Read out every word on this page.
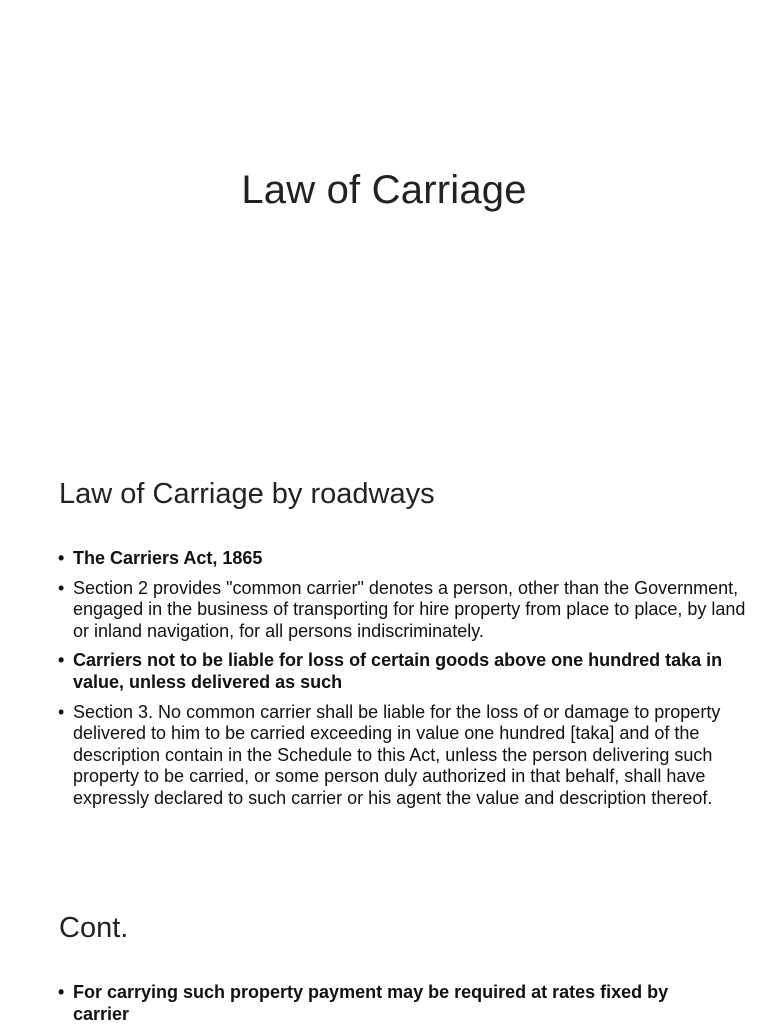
Law of Carriage
Law of Carriage by roadways
• The Carriers Act, 1865
• Section 2 provides "common carrier" denotes a person, other than the Government, engaged in the business of transporting for hire property from place to place, by land or inland navigation, for all persons indiscriminately.
• Carriers not to be liable for loss of certain goods above one hundred taka in value, unless delivered as such
• Section 3. No common carrier shall be liable for the loss of or damage to property delivered to him to be carried exceeding in value one hundred [taka] and of the description contain in the Schedule to this Act, unless the person delivering such property to be carried, or some person duly authorized in that behalf, shall have expressly declared to such carrier or his agent the value and description thereof.
Cont.
• For carrying such property payment may be required at rates fixed by carrier
